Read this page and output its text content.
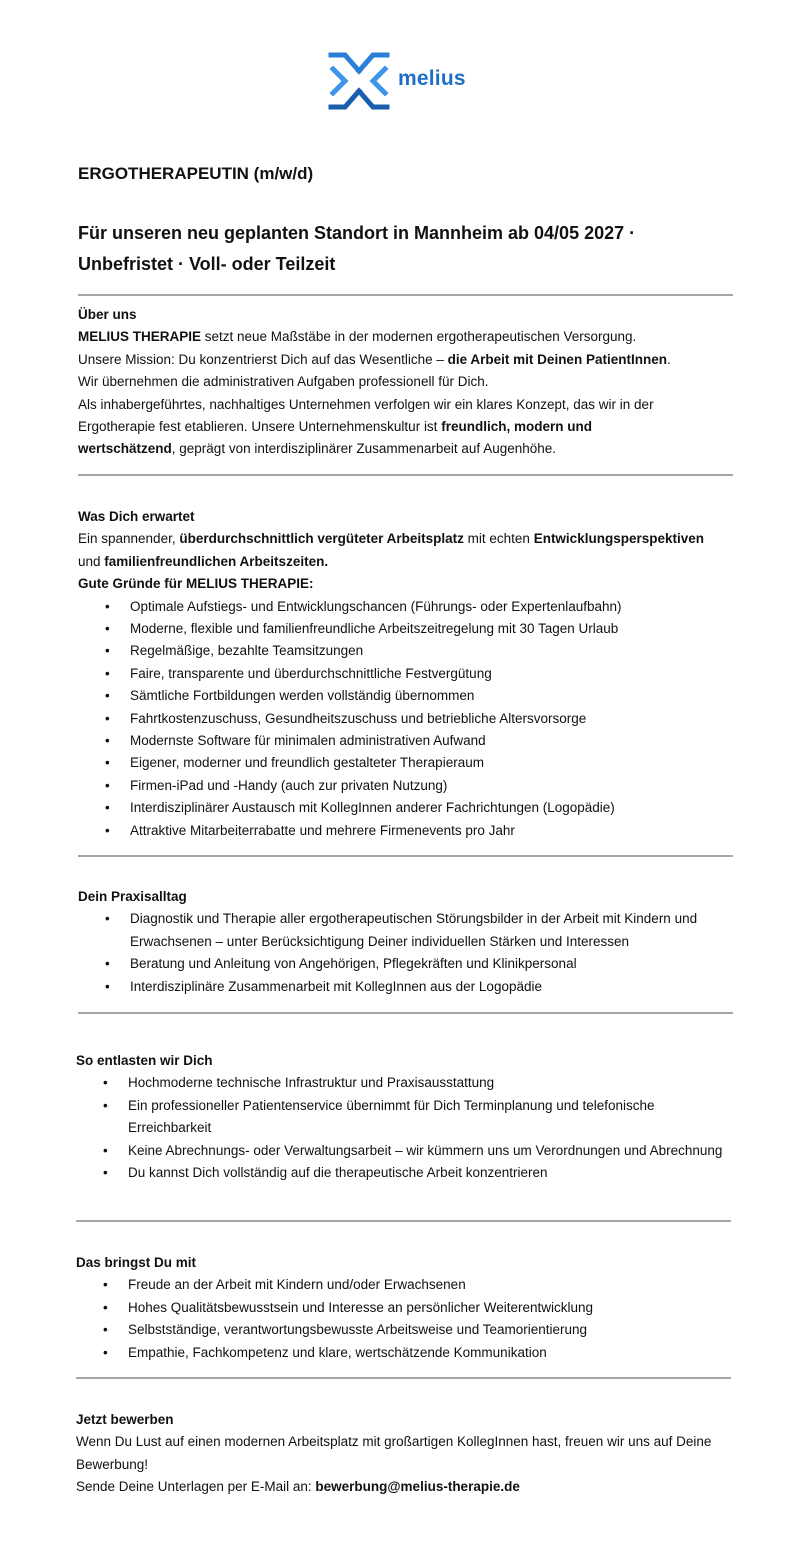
melius
ERGOTHERAPEUTIN (m/w/d)
Für unseren neu geplanten Standort in Mannheim ab 04/05 2027 ·
Unbefristet · Voll- oder Teilzeit

Über uns

MELIUS THERAPIE setzt neue Maßstäbe in der modernen ergotherapeutischen Versorgung.

Unsere Mission: Du konzentrierst Dich auf das Wesentliche – die Arbeit mit Deinen PatientInnen.

Wir übernehmen die administrativen Aufgaben professionell für Dich.

Als inhabergeführtes, nachhaltiges Unternehmen verfolgen wir ein klares Konzept, das wir in der

Ergotherapie fest etablieren. Unsere Unternehmenskultur ist freundlich, modern und

wertschätzend, geprägt von interdisziplinärer Zusammenarbeit auf Augenhöhe.

Was Dich erwartet

Ein spannender, überdurchschnittlich vergüteter Arbeitsplatz mit echten Entwicklungsperspektiven

und familienfreundlichen Arbeitszeiten.

Gute Gründe für MELIUS THERAPIE:

• Optimale Aufstiegs- und Entwicklungschancen (Führungs- oder Expertenlaufbahn)
• Moderne, flexible und familienfreundliche Arbeitszeitregelung mit 30 Tagen Urlaub
• Regelmäßige, bezahlte Teamsitzungen
• Faire, transparente und überdurchschnittliche Festvergütung
• Sämtliche Fortbildungen werden vollständig übernommen
• Fahrtkostenzuschuss, Gesundheitszuschuss und betriebliche Altersvorsorge
• Modernste Software für minimalen administrativen Aufwand
• Eigener, moderner und freundlich gestalteter Therapieraum
• Firmen-iPad und -Handy (auch zur privaten Nutzung)
• Interdisziplinärer Austausch mit KollegInnen anderer Fachrichtungen (Logopädie)
• Attraktive Mitarbeiterrabatte und mehrere Firmenevents pro Jahr

Dein Praxisalltag

• Diagnostik und Therapie aller ergotherapeutischen Störungsbilder in der Arbeit mit Kindern und Erwachsenen – unter Berücksichtigung Deiner individuellen Stärken und Interessen
• Beratung und Anleitung von Angehörigen, Pflegekräften und Klinikpersonal
• Interdisziplinäre Zusammenarbeit mit KollegInnen aus der Logopädie

So entlasten wir Dich

• Hochmoderne technische Infrastruktur und Praxisausstattung
• Ein professioneller Patientenservice übernimmt für Dich Terminplanung und telefonische Erreichbarkeit
• Keine Abrechnungs- oder Verwaltungsarbeit – wir kümmern uns um Verordnungen und Abrechnung
• Du kannst Dich vollständig auf die therapeutische Arbeit konzentrieren

Das bringst Du mit

• Freude an der Arbeit mit Kindern und/oder Erwachsenen
• Hohes Qualitätsbewusstsein und Interesse an persönlicher Weiterentwicklung
• Selbstständige, verantwortungsbewusste Arbeitsweise und Teamorientierung
• Empathie, Fachkompetenz und klare, wertschätzende Kommunikation

Jetzt bewerben

Wenn Du Lust auf einen modernen Arbeitsplatz mit großartigen KollegInnen hast, freuen wir uns auf Deine Bewerbung!

Sende Deine Unterlagen per E-Mail an: bewerbung@melius-therapie.de
